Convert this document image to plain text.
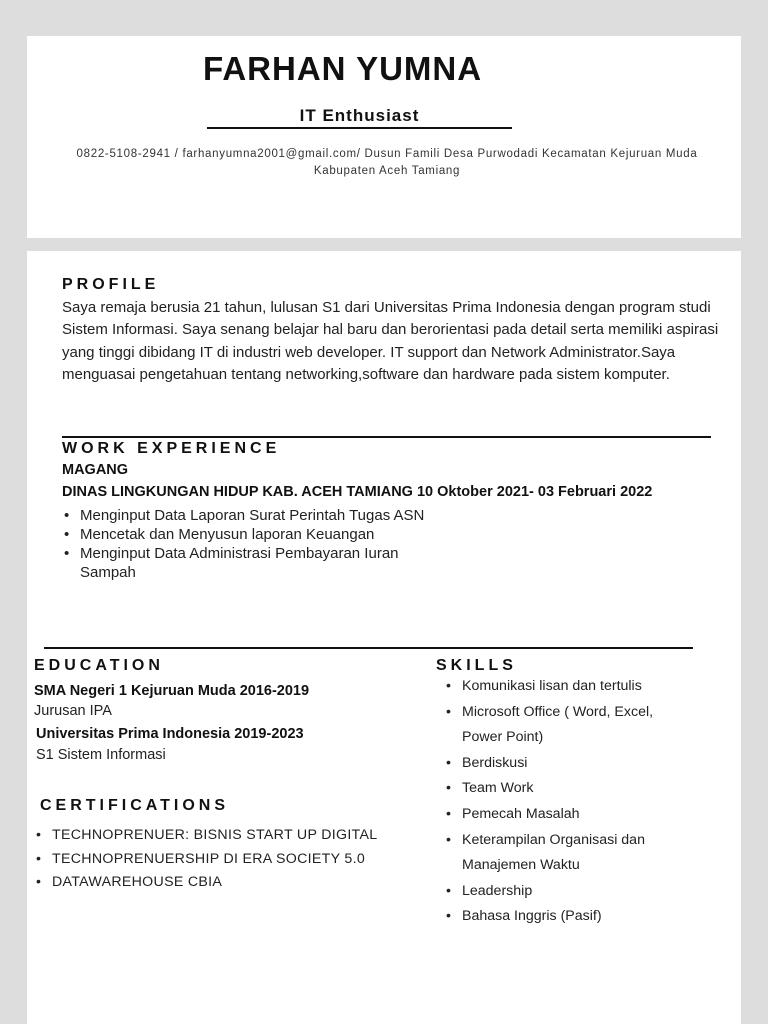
FARHAN YUMNA
IT Enthusiast
0822-5108-2941 / farhanyumna2001@gmail.com/ Dusun Famili Desa Purwodadi Kecamatan Kejuruan Muda
Kabupaten Aceh Tamiang
PROFILE
Saya remaja berusia 21 tahun, lulusan S1 dari Universitas Prima Indonesia dengan program studi Sistem Informasi. Saya senang belajar hal baru dan berorientasi pada detail serta memiliki aspirasi yang tinggi dibidang IT di industri web developer. IT support dan Network Administrator.Saya menguasai pengetahuan tentang networking,software dan hardware pada sistem komputer.
WORK EXPERIENCE
MAGANG
DINAS LINGKUNGAN HIDUP KAB. ACEH TAMIANG 10 Oktober 2021- 03 Februari 2022
• Menginput Data Laporan Surat Perintah Tugas ASN
• Mencetak dan Menyusun laporan Keuangan
• Menginput Data Administrasi Pembayaran Iuran Sampah
EDUCATION
SMA Negeri 1 Kejuruan Muda 2016-2019
Jurusan IPA
Universitas Prima Indonesia 2019-2023
S1 Sistem Informasi
CERTIFICATIONS
• TECHNOPRENUER: BISNIS START UP DIGITAL
• TECHNOPRENUERSHIP DI ERA SOCIETY 5.0
• DATAWAREHOUSE CBIA
SKILLS
• Komunikasi lisan dan tertulis
• Microsoft Office ( Word, Excel, Power Point)
• Berdiskusi
• Team Work
• Pemecah Masalah
• Keterampilan Organisasi dan Manajemen Waktu
• Leadership
• Bahasa Inggris (Pasif)
